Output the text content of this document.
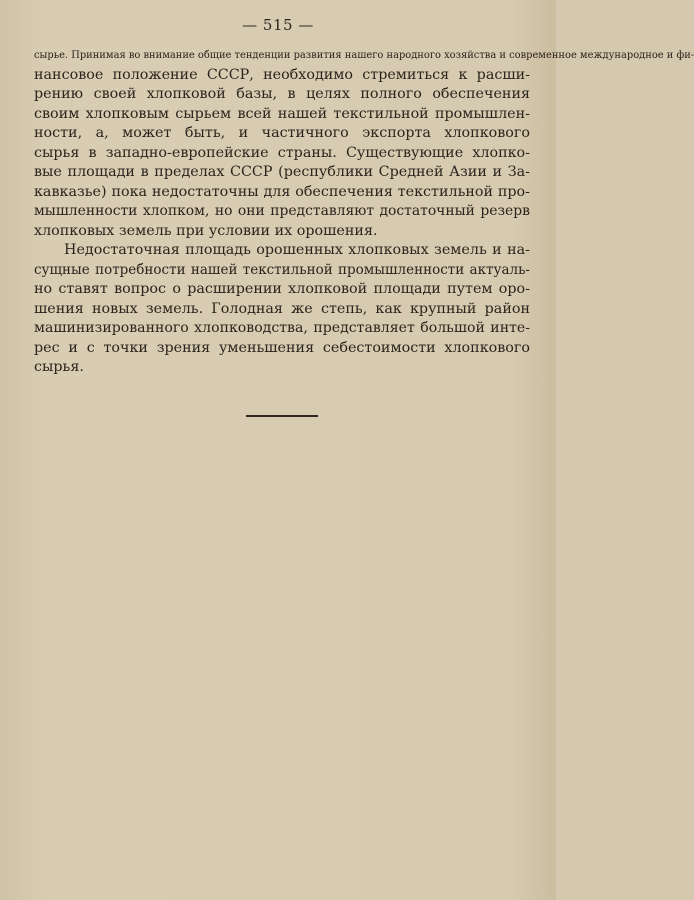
— 515 —
сырье. Принимая во внимание общие тенденции развития нашего народного хозяйства и современное международное и фи-
нансовое положение СССР, необходимо стремиться к расши-
рению своей хлопковой базы, в целях полного обеспечения
своим хлопковым сырьем всей нашей текстильной промышлен-
ности, а, может быть, и частичного экспорта хлопкового
сырья в западно-европейские страны. Существующие хлопко-
вые площади в пределах СССР (республики Средней Азии и За-
кавказье) пока недостаточны для обеспечения текстильной про-
мышленности хлопком, но они представляют достаточный резерв
хлопковых земель при условии их орошения.
Недостаточная площадь орошенных хлопковых земель и на-
сущные потребности нашей текстильной промышленности актуаль-
но ставят вопрос о расширении хлопковой площади путем оро-
шения новых земель. Голодная же степь, как крупный район
машинизированного хлопководства, представляет большой инте-
рес и с точки зрения уменьшения себестоимости хлопкового
сырья.
